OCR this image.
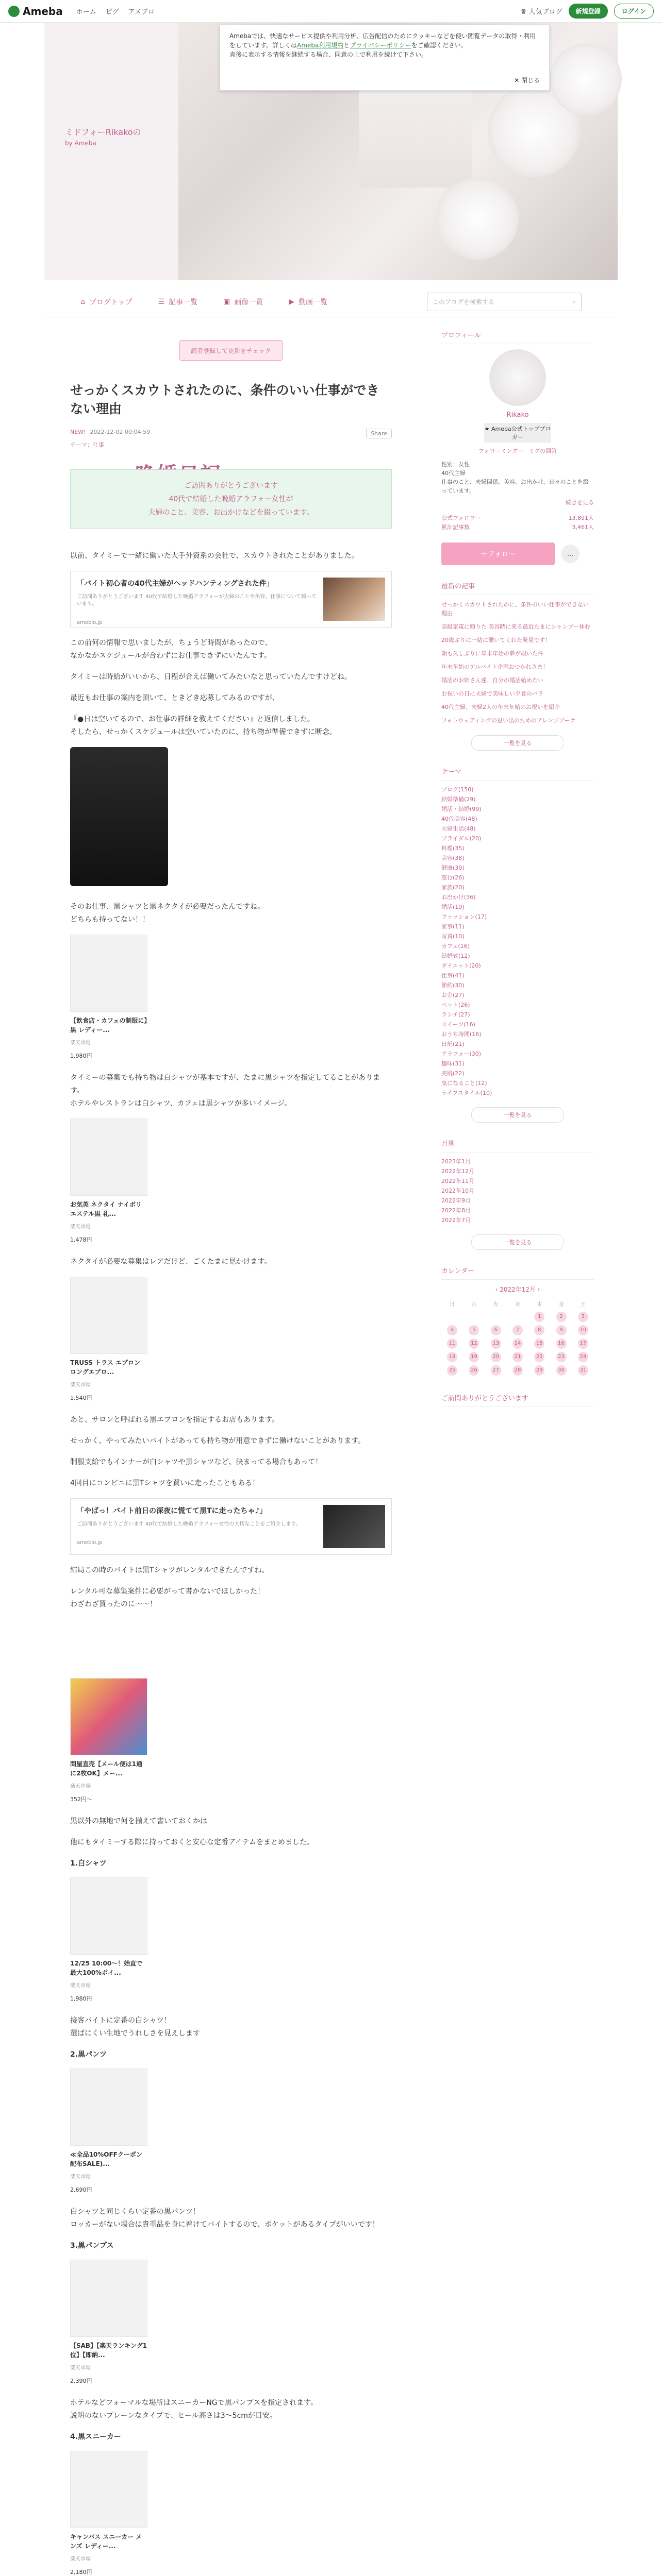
Ameba ホーム ピグ アメブロ	♛ 人気ブログ	新規登録	ログイン
ミドフォーRikakoの
by Ameba
Amebaでは、快適なサービス提供や利用分析、広告配信のためにクッキーなどを使い閲覧データの取得・利用をしています。詳しくはAmeba利用規約とプライバシーポリシーをご確認ください。
直後に表示する情報を継続する場合、同意の上で利用を続けて下さい。
✕ 閉じる
⌂ ブログトップ	☰ 記事一覧	▣ 画像一覧	▶ 動画一覧	このブログを検索する	⌕
読者登録して更新をチェック
せっかくスカウトされたのに、条件のいい仕事ができない理由
NEW! 2022-12-02 00:04:59	Share
テーマ：仕事
ご訪問ありがとうございます
40代で結婚した晩婚アラフォー女性が
夫婦のこと、美容、お出かけなどを綴っています。

以前、タイミーで一緒に働いた大手外資系の会社で、スカウトされたことがありました。

「バイト初心者の40代主婦がヘッドハンティングされた件」
ご訪問ありがとうございます 40代で結婚した晩婚アラフォーが夫婦のことや美容、仕事について綴っています。
ameblo.jp

この前何の情報で思いましたが、ちょうど時間があったので、
なかなかスケジュールが合わずにお仕事できずにいたんです。

タイミーは時給がいいから、日程が合えば働いてみたいなと思っていたんですけどね。

最近もお仕事の案内を頂いて、ときどき応募してみるのですが、

『●日は空いてるので、お仕事の詳細を教えてください』と返信しました。
そしたら、せっかくスケジュールは空いていたのに、持ち物が準備できずに断念。

そのお仕事、黒シャツと黒ネクタイが必要だったんですね。
どちらも持ってない！！

【飲食店・カフェの制服に】黒 レディー...
楽天市場
1,980円

タイミーの募集でも持ち物は白シャツが基本ですが、たまに黒シャツを指定してることがあります。
ホテルやレストランは白シャツ、カフェは黒シャツが多いイメージ。

お気英 ネクタイ ナイボリエステル黒 礼...
楽天市場
1,478円

ネクタイが必要な募集はレアだけど、ごくたまに見かけます。

TRUSS トラス エプロン ロングエプロ...
楽天市場
1,540円

あと、サロンと呼ばれる黒エプロンを指定するお店もあります。

せっかく、やってみたいバイトがあっても持ち物が用意できずに働けないことがあります。

制服支給でもインナーが白シャツや黒シャツなど、決まってる場合もあって！

4回目にコンビニに黒Tシャツを買いに走ったこともある！

「やばっ！バイト前日の深夜に慌てて黒Tに走ったちゃ♪」
ご訪問ありがとうございます 40代で結婚した晩婚アラフォー女性の大切なことをご紹介します。
ameblo.jp

結局この時のバイトは黒Tシャツがレンタルできたんですね。

レンタル可な募集案件に必要がって書かないでほしかった！
わざわざ買ったのに〜〜！

問屋直売【メール便は1通に2枚OK】メー...
楽天市場
352円〜

黒以外の無地で何を揃えて書いておくかは

他にもタイミーする際に持っておくと安心な定番アイテムをまとめました。

1.白シャツ
12/25 10:00〜！始直で最大100%ポイ...
楽天市場
1,980円

接客バイトに定番の白シャツ！
選ばにくい生地でうれしさを見えします

2.黒パンツ
≪全品10%OFFクーポン配布SALE)...
楽天市場
2,690円

白シャツと同じくらい定番の黒パンツ！
ロッカーがない場合は貴重品を身に着けてバイトするので、ポケットがあるタイプがいいです！

3.黒パンプス
【SAB】【楽天ランキング1位】【即納...
楽天市場
2,390円

ホテルなどフォーマルな場所はスニーカーNGで黒パンプスを指定されます。
説明のないプレーンなタイプで、ヒール高さは3〜5cmが目安。

4.黒スニーカー
キャンバス スニーカー メンズ レディー...
楽天市場
2,180円

プロフィール
Rikako
★ Ameba公式トップブロガー
フォローミングー ミグの回答
性別：女性
40代主婦
仕事のこと、夫婦関係、美容、お出かけ、日々のことを綴っています。
続きを見る
公式フォロワー	13,891人
累計記事数	3,461人
＋ フォロー	…
最新の記事
せっかくスカウトされたのに、条件のいい仕事ができない理由
高級家電に頼りた 美容時に来る最近たまにシャンプー休む
20歳ぶりに一緒に働いてくれた発見です！
朝も久しぶりに年末年始の夢が覗いた件
年末年始のアルバイト企画おつかれさま！
婚活のお姉さん達、自分の婚活始めたい
お祝いの日に夫婦で美味しい夕食のバラ
40代主婦、夫婦2人の年末年始のお祝いを紹介
フォトウェディングの思い出のためのアレンジブーケ
一覧を見る
テーマ
ブログ(150)
結婚準備(29)
婚活・結婚(99)
40代美容(48)
夫婦生活(48)
ブライダル(20)
料理(35)
美容(38)
健康(30)
旅行(26)
家族(20)
お出かけ(36)
婚活(19)
ファッション(17)
家事(11)
写真(10)
カフェ(16)
結婚式(12)
ダイエット(20)
仕事(41)
節約(30)
お金(27)
ペット(26)
ランチ(27)
スイーツ(16)
おうち時間(16)
日記(21)
アラフォー(30)
趣味(31)
美肌(22)
気になること(12)
ライフスタイル(10)
一覧を見る
月別
2023年1月
2022年12月
2022年11月
2022年10月
2022年9月
2022年8月
2022年7月
一覧を見る
カレンダー
‹ 2022年12月 ›
日	月	火	水	木	金	土
				1	2	3
4	5	6	7	8	9	10
11	12	13	14	15	16	17
18	19	20	21	22	23	24
25	26	27	28	29	30	31
ご訪問ありがとうございます
